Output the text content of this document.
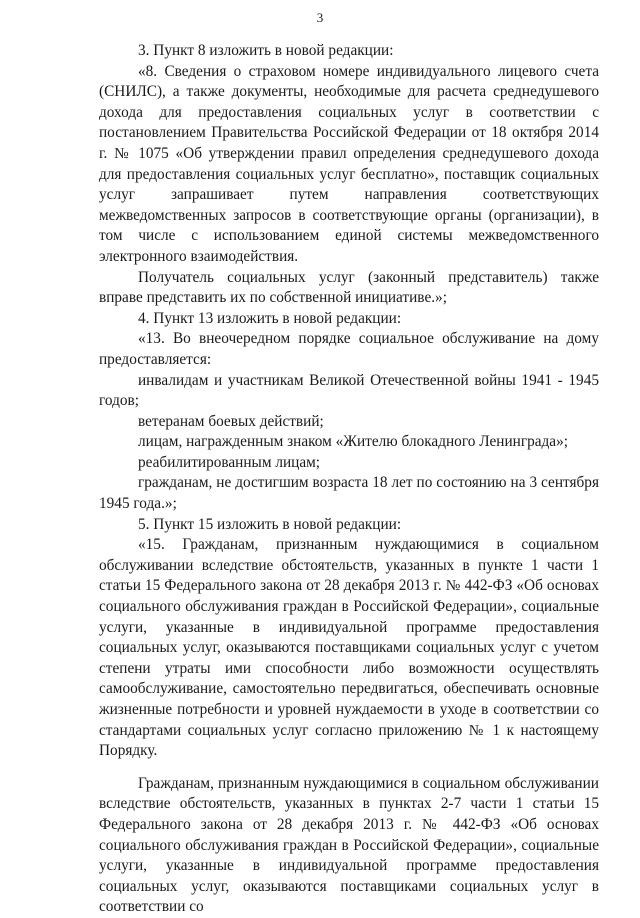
3

3. Пункт 8 изложить в новой редакции:

«8. Сведения о страховом номере индивидуального лицевого счета (СНИЛС), а также документы, необходимые для расчета среднедушевого дохода для предоставления социальных услуг в соответствии с постановлением Правительства Российской Федерации от 18 октября 2014 г. № 1075 «Об утверждении правил определения среднедушевого дохода для предоставления социальных услуг бесплатно», поставщик социальных услуг запрашивает путем направления соответствующих межведомственных запросов в соответствующие органы (организации), в том числе с использованием единой системы межведомственного электронного взаимодействия.

Получатель социальных услуг (законный представитель) также вправе представить их по собственной инициативе.»;

4. Пункт 13 изложить в новой редакции:

«13. Во внеочередном порядке социальное обслуживание на дому предоставляется:

инвалидам и участникам Великой Отечественной войны 1941 - 1945 годов;

ветеранам боевых действий;

лицам, награжденным знаком «Жителю блокадного Ленинграда»;

реабилитированным лицам;

гражданам, не достигшим возраста 18 лет по состоянию на 3 сентября 1945 года.»;

5. Пункт 15 изложить в новой редакции:

«15. Гражданам, признанным нуждающимися в социальном обслуживании вследствие обстоятельств, указанных в пункте 1 части 1 статьи 15 Федерального закона от 28 декабря 2013 г. № 442-ФЗ «Об основах социального обслуживания граждан в Российской Федерации», социальные услуги, указанные в индивидуальной программе предоставления социальных услуг, оказываются поставщиками социальных услуг с учетом степени утраты ими способности либо возможности осуществлять самообслуживание, самостоятельно передвигаться, обеспечивать основные жизненные потребности и уровней нуждаемости в уходе в соответствии со стандартами социальных услуг согласно приложению № 1 к настоящему Порядку.

Гражданам, признанным нуждающимися в социальном обслуживании вследствие обстоятельств, указанных в пунктах 2-7 части 1 статьи 15 Федерального закона от 28 декабря 2013 г. № 442-ФЗ «Об основах социального обслуживания граждан в Российской Федерации», социальные услуги, указанные в индивидуальной программе предоставления социальных услуг, оказываются поставщиками социальных услуг в соответствии со
